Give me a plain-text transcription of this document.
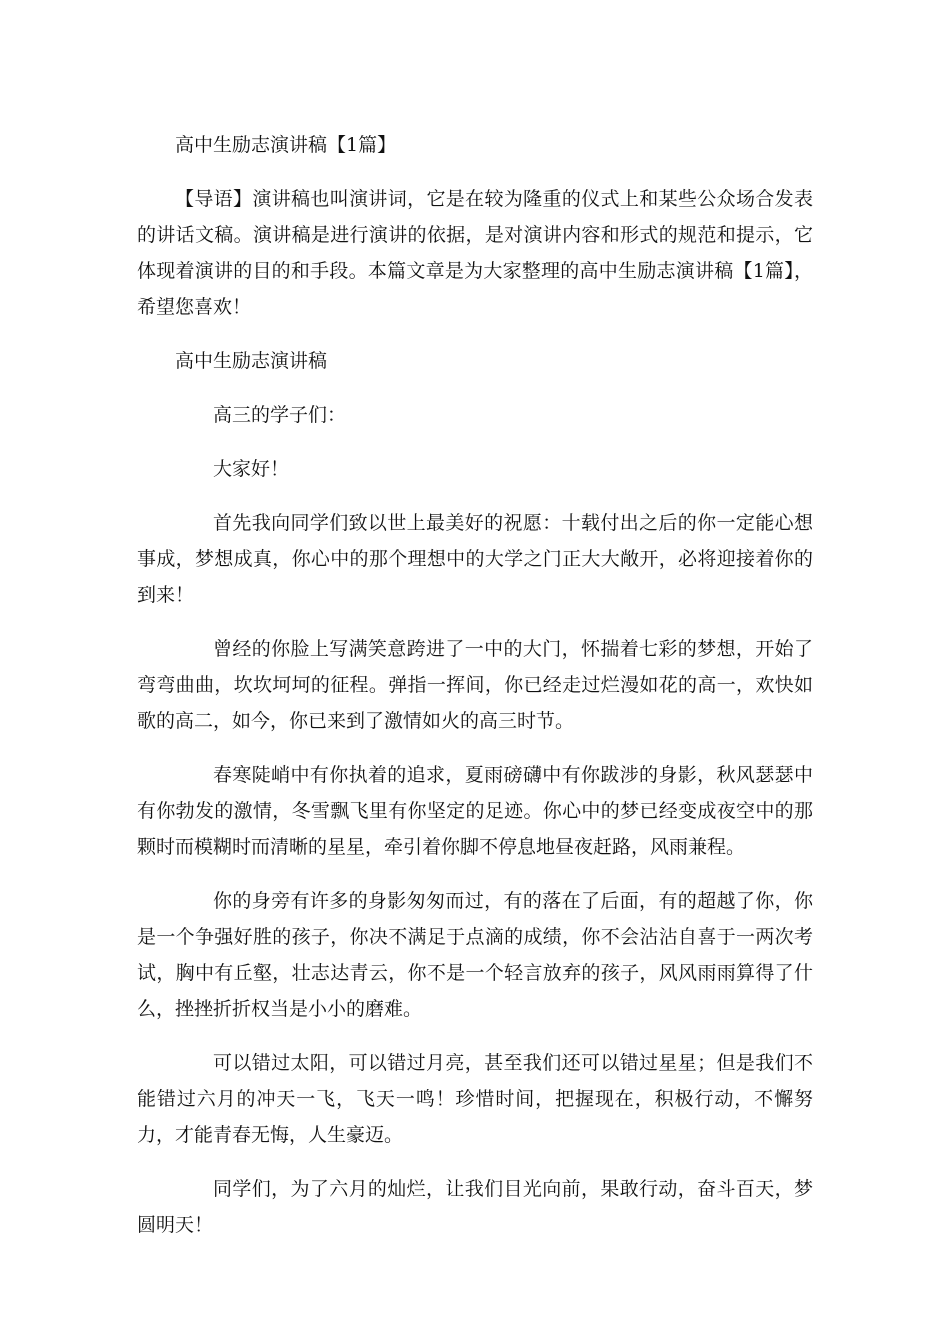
高中生励志演讲稿【1篇】

【导语】演讲稿也叫演讲词，它是在较为隆重的仪式上和某些公众场合发表的讲话文稿。演讲稿是进行演讲的依据，是对演讲内容和形式的规范和提示，它体现着演讲的目的和手段。本篇文章是为大家整理的高中生励志演讲稿【1篇】，希望您喜欢！

高中生励志演讲稿

高三的学子们：

大家好！

首先我向同学们致以世上最美好的祝愿：十载付出之后的你一定能心想事成，梦想成真，你心中的那个理想中的大学之门正大大敞开，必将迎接着你的到来！

曾经的你脸上写满笑意跨进了一中的大门，怀揣着七彩的梦想，开始了弯弯曲曲，坎坎坷坷的征程。弹指一挥间，你已经走过烂漫如花的高一，欢快如歌的高二，如今，你已来到了激情如火的高三时节。

春寒陡峭中有你执着的追求，夏雨磅礴中有你跋涉的身影，秋风瑟瑟中有你勃发的激情，冬雪飘飞里有你坚定的足迹。你心中的梦已经变成夜空中的那颗时而模糊时而清晰的星星，牵引着你脚不停息地昼夜赶路，风雨兼程。

你的身旁有许多的身影匆匆而过，有的落在了后面，有的超越了你，你是一个争强好胜的孩子，你决不满足于点滴的成绩，你不会沾沾自喜于一两次考试，胸中有丘壑，壮志达青云，你不是一个轻言放弃的孩子，风风雨雨算得了什么，挫挫折折权当是小小的磨难。

可以错过太阳，可以错过月亮，甚至我们还可以错过星星；但是我们不能错过六月的冲天一飞，飞天一鸣！珍惜时间，把握现在，积极行动，不懈努力，才能青春无悔，人生豪迈。

同学们，为了六月的灿烂，让我们目光向前，果敢行动，奋斗百天，梦圆明天！
